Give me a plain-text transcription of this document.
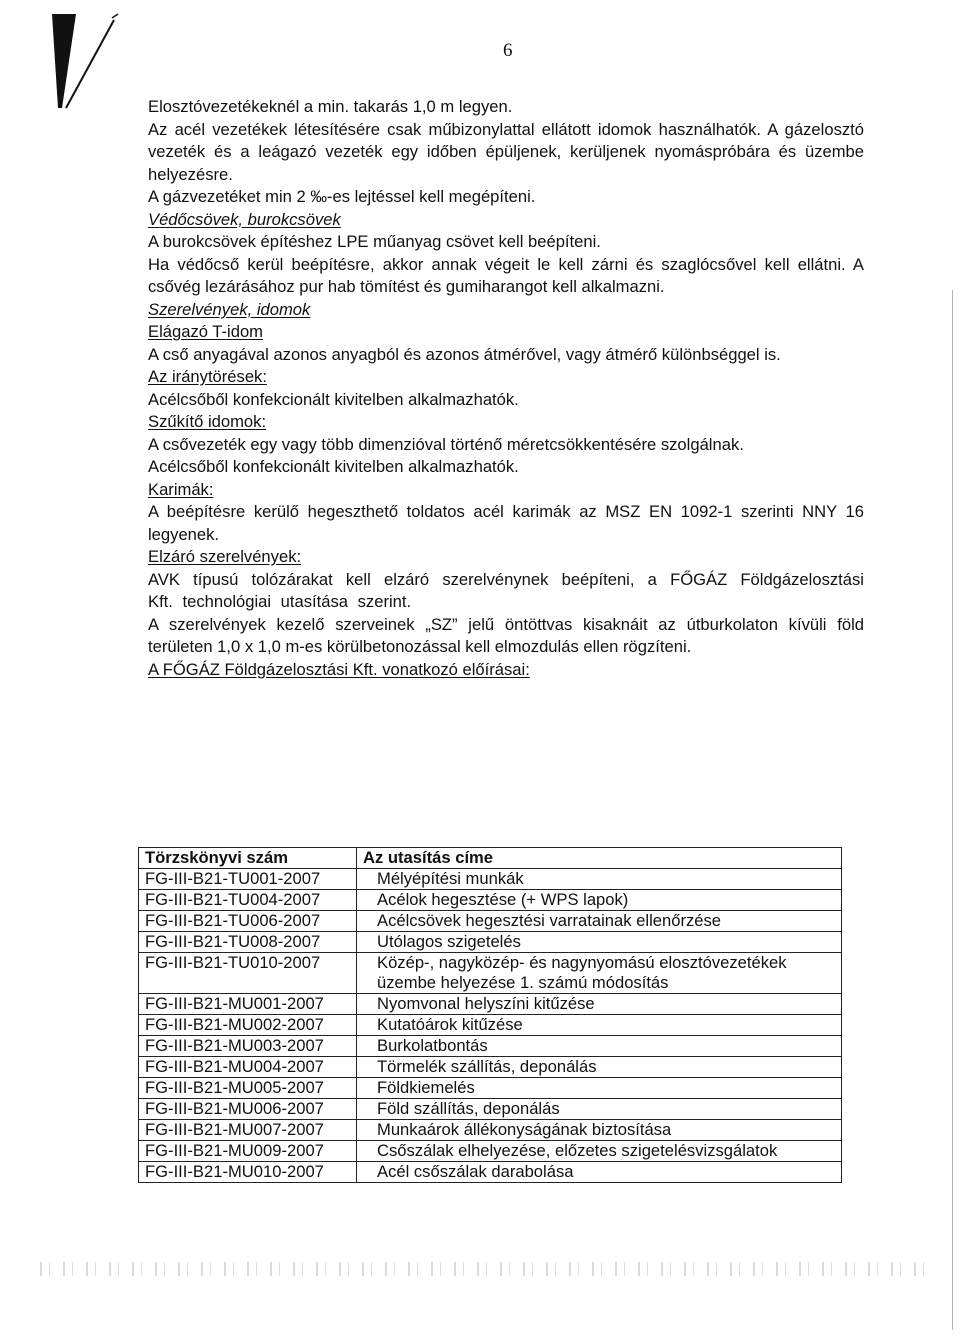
6

Elosztóvezetékeknél a min. takarás 1,0 m legyen.

Az acél vezetékek létesítésére csak műbizonylattal ellátott idomok használhatók. A gázelosztó vezeték és a leágazó vezeték egy időben épüljenek, kerüljenek nyomáspróbára és üzembe helyezésre.

A gázvezetéket min 2 ‰-es lejtéssel kell megépíteni.

Védőcsövek, burokcsövek

A burokcsövek építéshez LPE műanyag csövet kell beépíteni.

Ha védőcső kerül beépítésre, akkor annak végeit le kell zárni és szaglócsővel kell ellátni. A csővég lezárásához pur hab tömítést és gumiharangot kell alkalmazni.

Szerelvények, idomok

Elágazó T-idom

A cső anyagával azonos anyagból és azonos átmérővel, vagy átmérő különbséggel is.

Az iránytörések:

Acélcsőből konfekcionált kivitelben alkalmazhatók.

Szűkítő idomok:

A csővezeték egy vagy több dimenzióval történő méretcsökkentésére szolgálnak.

Acélcsőből konfekcionált kivitelben alkalmazhatók.

Karimák:

A beépítésre kerülő hegeszthető toldatos acél karimák az MSZ EN 1092-1 szerinti NNY 16 legyenek.

Elzáró szerelvények:

AVK típusú tolózárakat kell elzáró szerelvénynek beépíteni, a FŐGÁZ Földgázelosztási Kft. technológiai utasítása szerint.

A szerelvények kezelő szerveinek „SZ” jelű öntöttvas kisaknáit az útburkolaton kívüli föld területen 1,0 x 1,0 m-es körülbetonozással kell elmozdulás ellen rögzíteni.

A FŐGÁZ Földgázelosztási Kft. vonatkozó előírásai:

Törzskönyvi szám	Az utasítás címe
FG-III-B21-TU001-2007	Mélyépítési munkák
FG-III-B21-TU004-2007	Acélok hegesztése (+ WPS lapok)
FG-III-B21-TU006-2007	Acélcsövek hegesztési varratainak ellenőrzése
FG-III-B21-TU008-2007	Utólagos szigetelés
FG-III-B21-TU010-2007	Közép-, nagyközép- és nagynyomású elosztóvezetékek üzembe helyezése 1. számú módosítás
FG-III-B21-MU001-2007	Nyomvonal helyszíni kitűzése
FG-III-B21-MU002-2007	Kutatóárok kitűzése
FG-III-B21-MU003-2007	Burkolatbontás
FG-III-B21-MU004-2007	Törmelék szállítás, deponálás
FG-III-B21-MU005-2007	Földkiemelés
FG-III-B21-MU006-2007	Föld szállítás, deponálás
FG-III-B21-MU007-2007	Munkaárok állékonyságának biztosítása
FG-III-B21-MU009-2007	Csőszálak elhelyezése, előzetes szigetelésvizsgálatok
FG-III-B21-MU010-2007	Acél csőszálak darabolása
